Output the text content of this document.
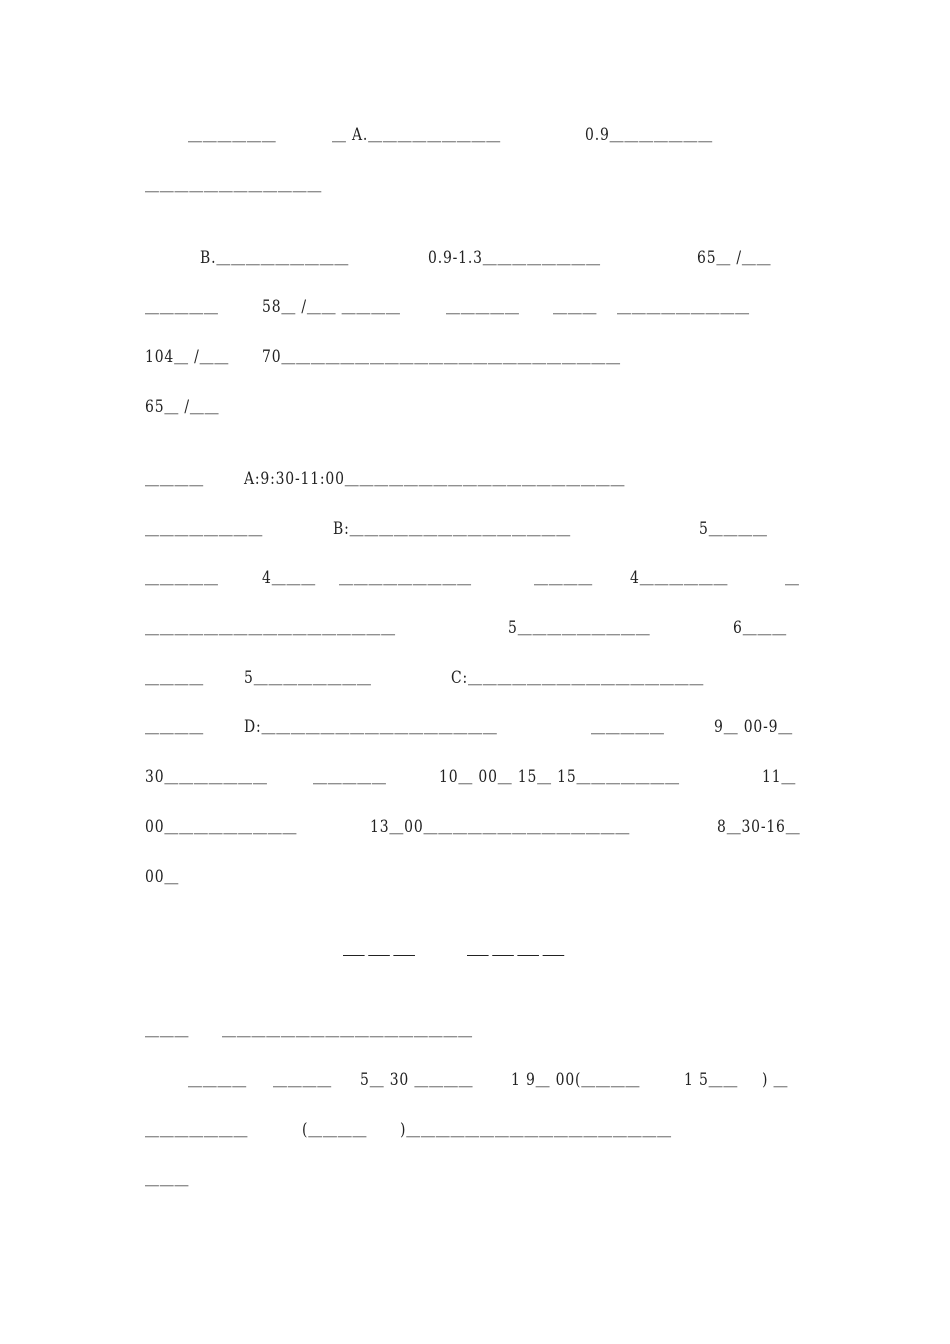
＿＿＿＿＿＿	＿ A.＿＿＿＿＿＿＿＿＿	0.9＿＿＿＿＿＿＿
＿＿＿＿＿＿＿＿＿＿＿＿
B.＿＿＿＿＿＿＿＿＿	0.9-1.3＿＿＿＿＿＿＿＿	65＿ /＿＿
＿＿＿＿＿	58＿ /＿＿ ＿＿＿＿	＿＿＿＿＿ ＿＿＿ ＿＿＿＿＿＿＿＿＿
104＿ /＿＿ 70＿＿＿＿＿＿＿＿＿＿＿＿＿＿＿＿＿＿＿＿＿＿＿
65＿ /＿＿
＿＿＿＿ A:9:30-11:00＿＿＿＿＿＿＿＿＿＿＿＿＿＿＿＿＿＿＿
＿＿＿＿＿＿＿＿	B:＿＿＿＿＿＿＿＿＿＿＿＿＿＿＿	5＿＿＿＿
＿＿＿＿＿	4＿＿＿ ＿＿＿＿＿＿＿＿＿	＿＿＿＿ 4＿＿＿＿＿＿	＿
＿＿＿＿＿＿＿＿＿＿＿＿＿＿＿＿＿	5＿＿＿＿＿＿＿＿＿	6＿＿＿
＿＿＿＿ 5＿＿＿＿＿＿＿＿	C:＿＿＿＿＿＿＿＿＿＿＿＿＿＿＿＿
＿＿＿＿ D:＿＿＿＿＿＿＿＿＿＿＿＿＿＿＿＿	＿＿＿＿＿	9＿ 00-9＿
30＿＿＿＿＿＿＿	＿＿＿＿＿	10＿ 00＿ 15＿ 15＿＿＿＿＿＿＿	11＿
00＿＿＿＿＿＿＿＿＿	13＿00＿＿＿＿＿＿＿＿＿＿＿＿＿＿	8＿30-16＿
00＿
＿＿＿ ＿＿＿＿
＿＿＿ ＿＿＿＿＿＿＿＿＿＿＿＿＿＿＿＿＿
＿＿＿＿ ＿＿＿＿ 5＿ 30 ＿＿＿＿ 1 9＿ 00(＿＿＿＿	1 5＿＿ ) ＿
＿＿＿＿＿＿＿	(＿＿＿＿ )＿＿＿＿＿＿＿＿＿＿＿＿＿＿＿＿＿＿
＿＿＿
